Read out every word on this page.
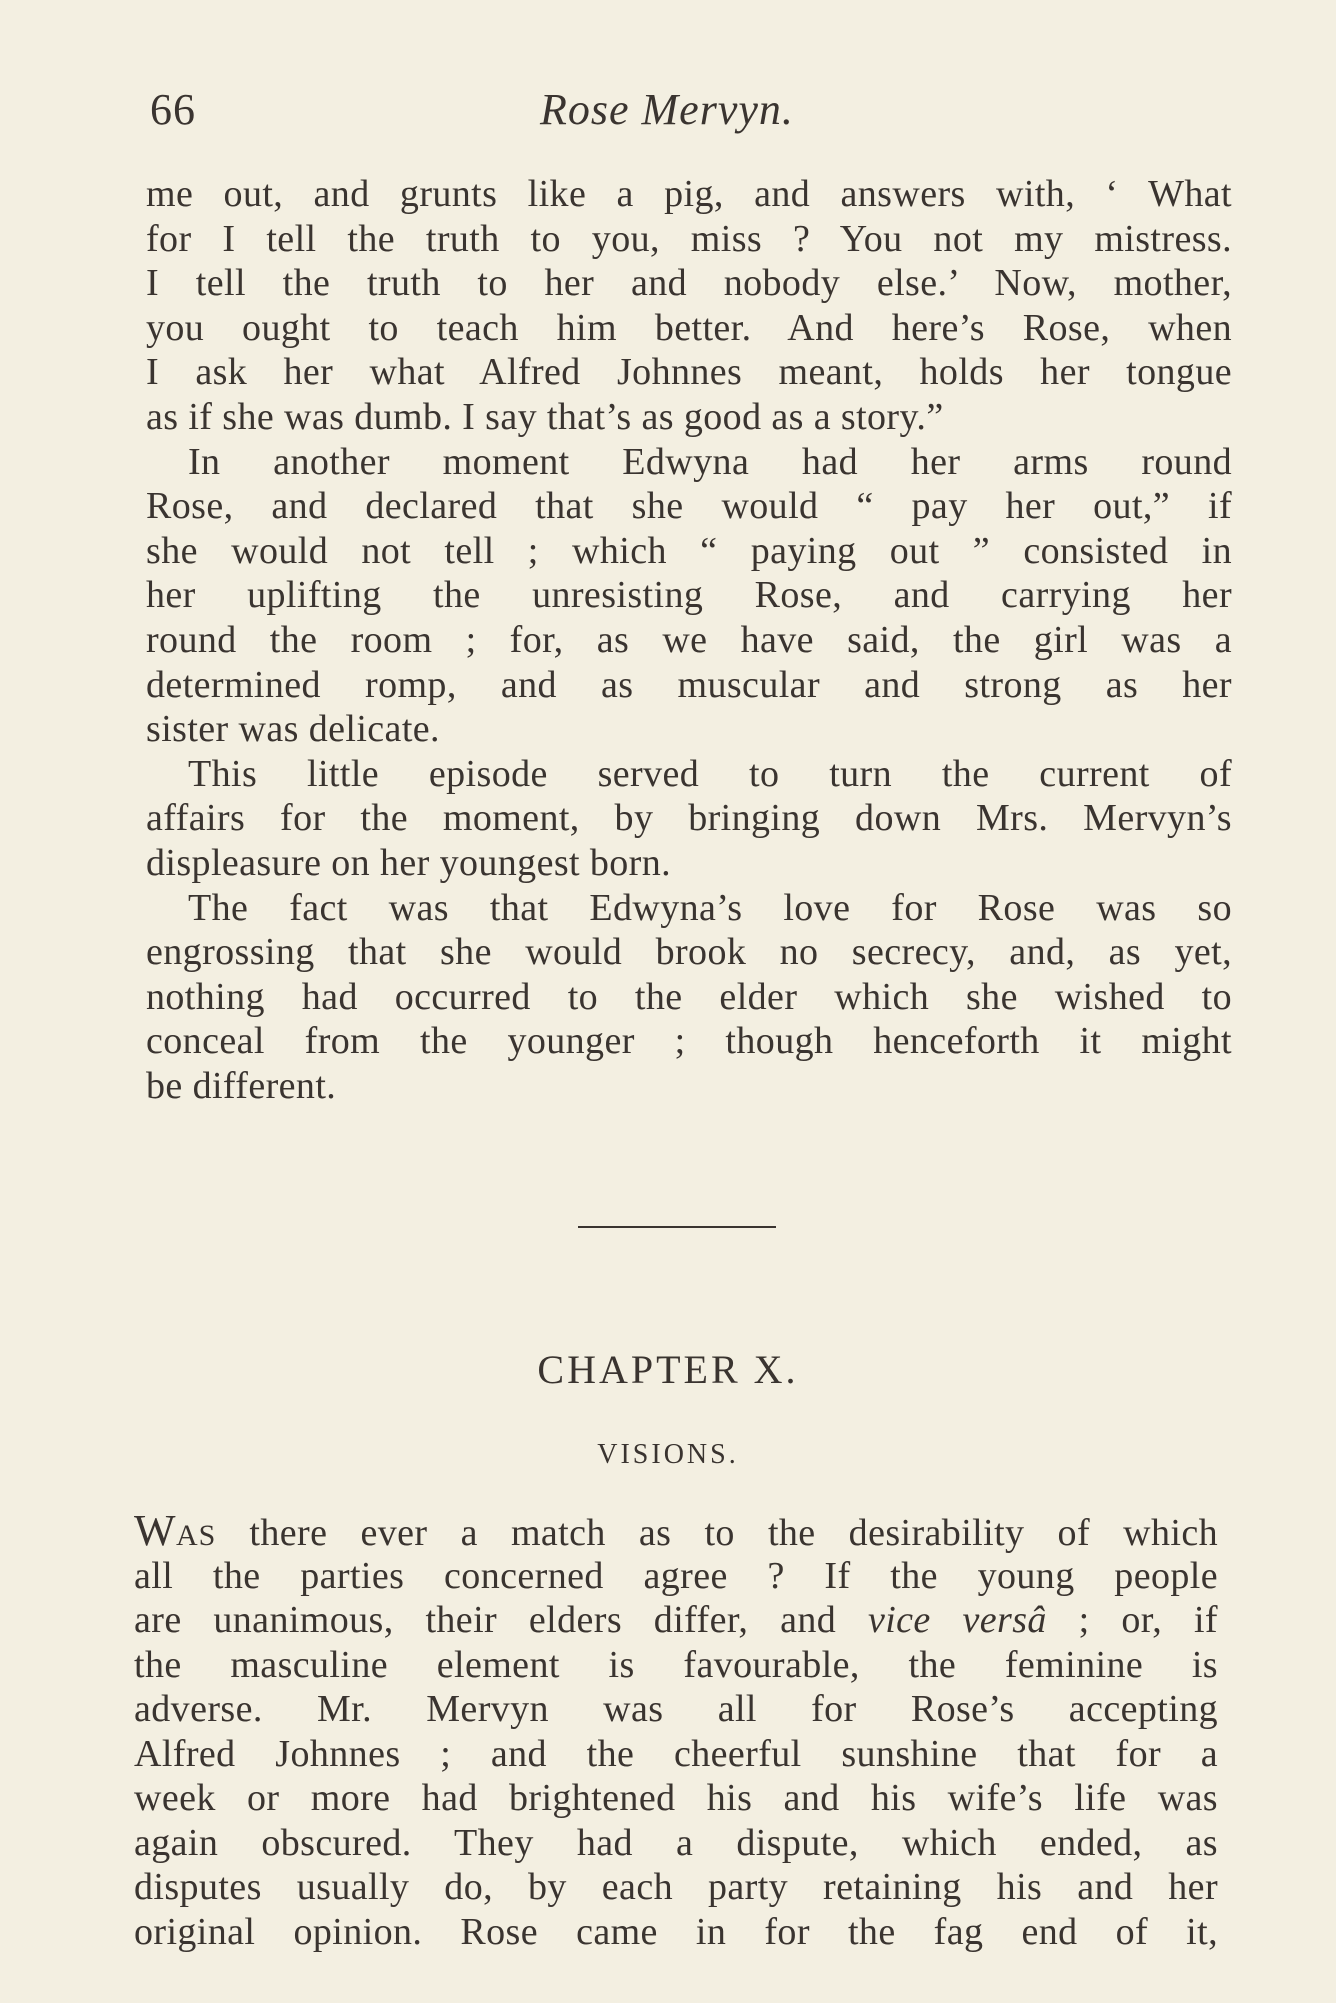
66	Rose Mervyn.
me out, and grunts like a pig, and answers with, ‘ What
for I tell the truth to you, miss ? You not my mistress.
I tell the truth to her and nobody else.’ Now, mother,
you ought to teach him better. And here’s Rose, when
I ask her what Alfred Johnnes meant, holds her tongue
as if she was dumb. I say that’s as good as a story.”
In another moment Edwyna had her arms round
Rose, and declared that she would “ pay her out,” if
she would not tell ; which “ paying out ” consisted in
her uplifting the unresisting Rose, and carrying her
round the room ; for, as we have said, the girl was a
determined romp, and as muscular and strong as her
sister was delicate.
This little episode served to turn the current of
affairs for the moment, by bringing down Mrs. Mervyn’s
displeasure on her youngest born.
The fact was that Edwyna’s love for Rose was so
engrossing that she would brook no secrecy, and, as yet,
nothing had occurred to the elder which she wished to
conceal from the younger ; though henceforth it might
be different.
CHAPTER X.
VISIONS.
WAS there ever a match as to the desirability of which
all the parties concerned agree ? If the young people
are unanimous, their elders differ, and vice versâ ; or, if
the masculine element is favourable, the feminine is
adverse. Mr. Mervyn was all for Rose’s accepting
Alfred Johnnes ; and the cheerful sunshine that for a
week or more had brightened his and his wife’s life was
again obscured. They had a dispute, which ended, as
disputes usually do, by each party retaining his and her
original opinion. Rose came in for the fag end of it,
